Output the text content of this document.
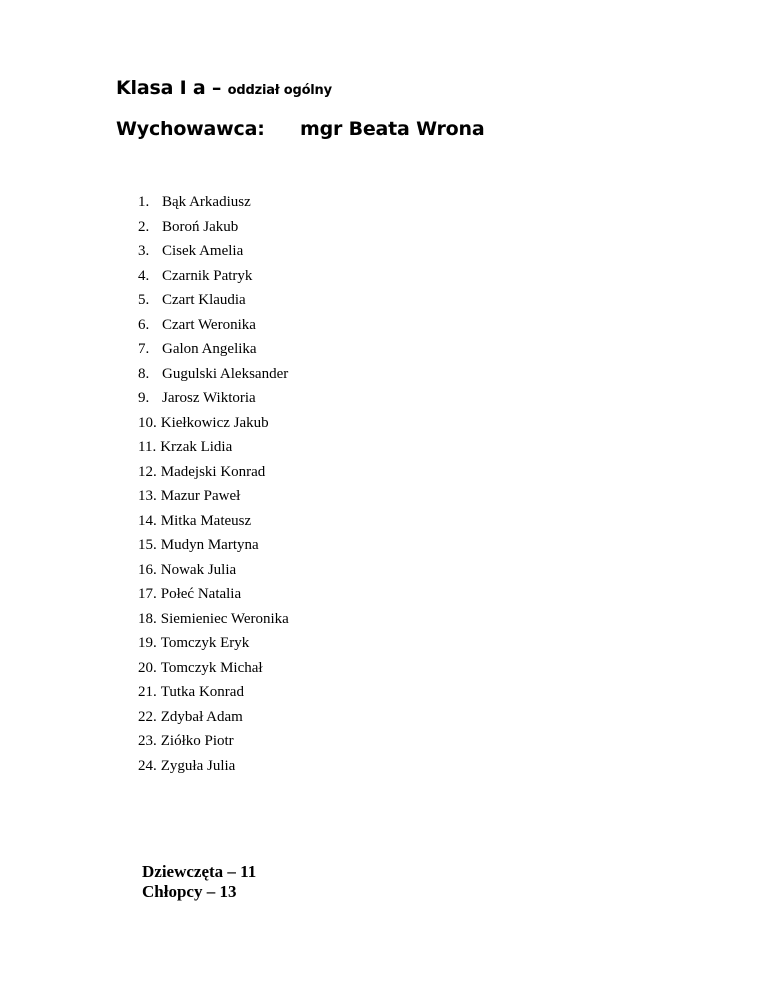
Klasa I a – oddział ogólny
Wychowawca: mgr Beata Wrona
1. Bąk Arkadiusz
2. Boroń Jakub
3. Cisek Amelia
4. Czarnik Patryk
5. Czart Klaudia
6. Czart Weronika
7. Galon Angelika
8. Gugulski Aleksander
9. Jarosz Wiktoria
10. Kiełkowicz Jakub
11. Krzak Lidia
12. Madejski Konrad
13. Mazur Paweł
14. Mitka Mateusz
15. Mudyn Martyna
16. Nowak Julia
17. Połeć Natalia
18. Siemieniec Weronika
19. Tomczyk Eryk
20. Tomczyk Michał
21. Tutka Konrad
22. Zdybał Adam
23. Ziółko Piotr
24. Zyguła Julia
Dziewczęta – 11
Chłopcy – 13
